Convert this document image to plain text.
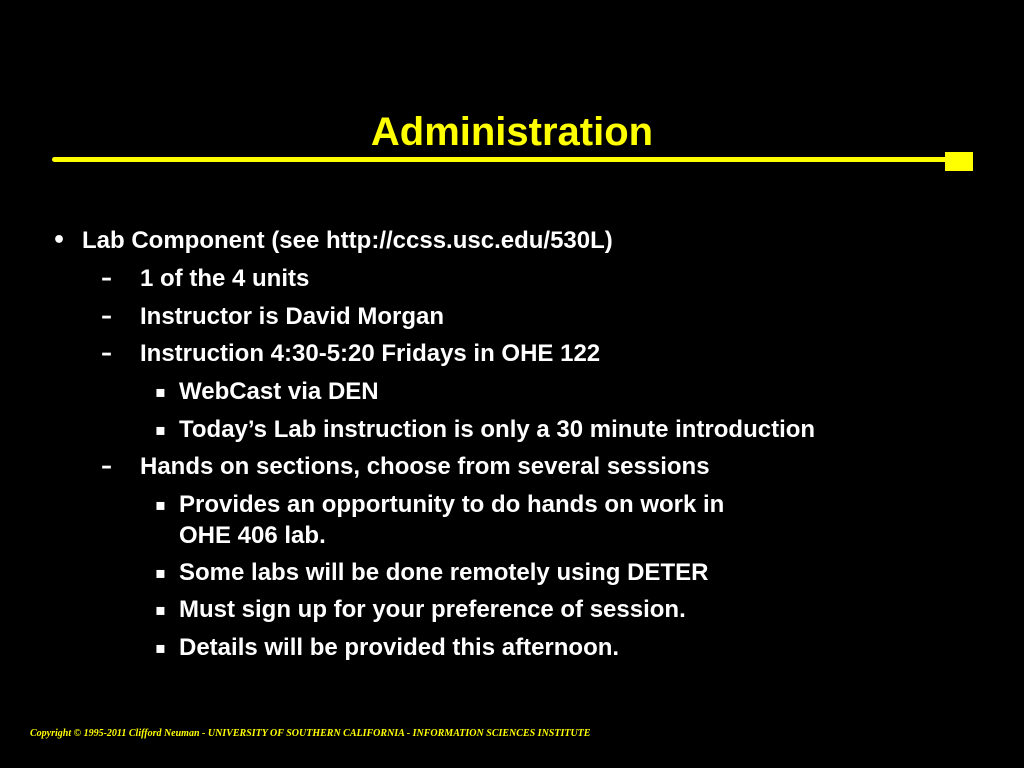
Administration
• Lab Component (see http://ccss.usc.edu/530L)
– 1 of the 4 units
– Instructor is David Morgan
– Instruction 4:30-5:20 Fridays in OHE 122
▪ WebCast via DEN
▪ Today’s Lab instruction is only a 30 minute introduction
– Hands on sections, choose from several sessions
▪ Provides an opportunity to do hands on work in
OHE 406 lab.
▪ Some labs will be done remotely using DETER
▪ Must sign up for your preference of session.
▪ Details will be provided this afternoon.
Copyright © 1995-2011 Clifford Neuman - UNIVERSITY OF SOUTHERN CALIFORNIA - INFORMATION SCIENCES INSTITUTE
